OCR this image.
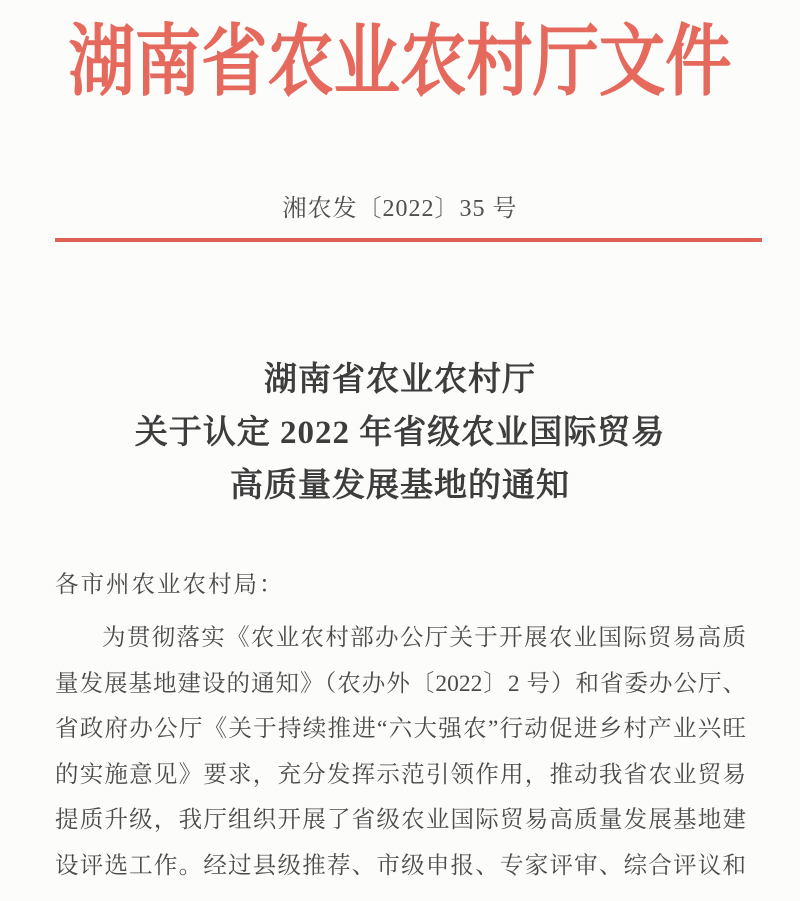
湖南省农业农村厅文件
湘农发〔2022〕35 号
湖南省农业农村厅
关于认定 2022 年省级农业国际贸易
高质量发展基地的通知
各市州农业农村局：
为贯彻落实《农业农村部办公厅关于开展农业国际贸易高质
量发展基地建设的通知》（农办外〔2022〕2 号）和省委办公厅、
省政府办公厅《关于持续推进“六大强农”行动促进乡村产业兴旺
的实施意见》要求，充分发挥示范引领作用，推动我省农业贸易
提质升级，我厅组织开展了省级农业国际贸易高质量发展基地建
设评选工作。经过县级推荐、市级申报、专家评审、综合评议和
